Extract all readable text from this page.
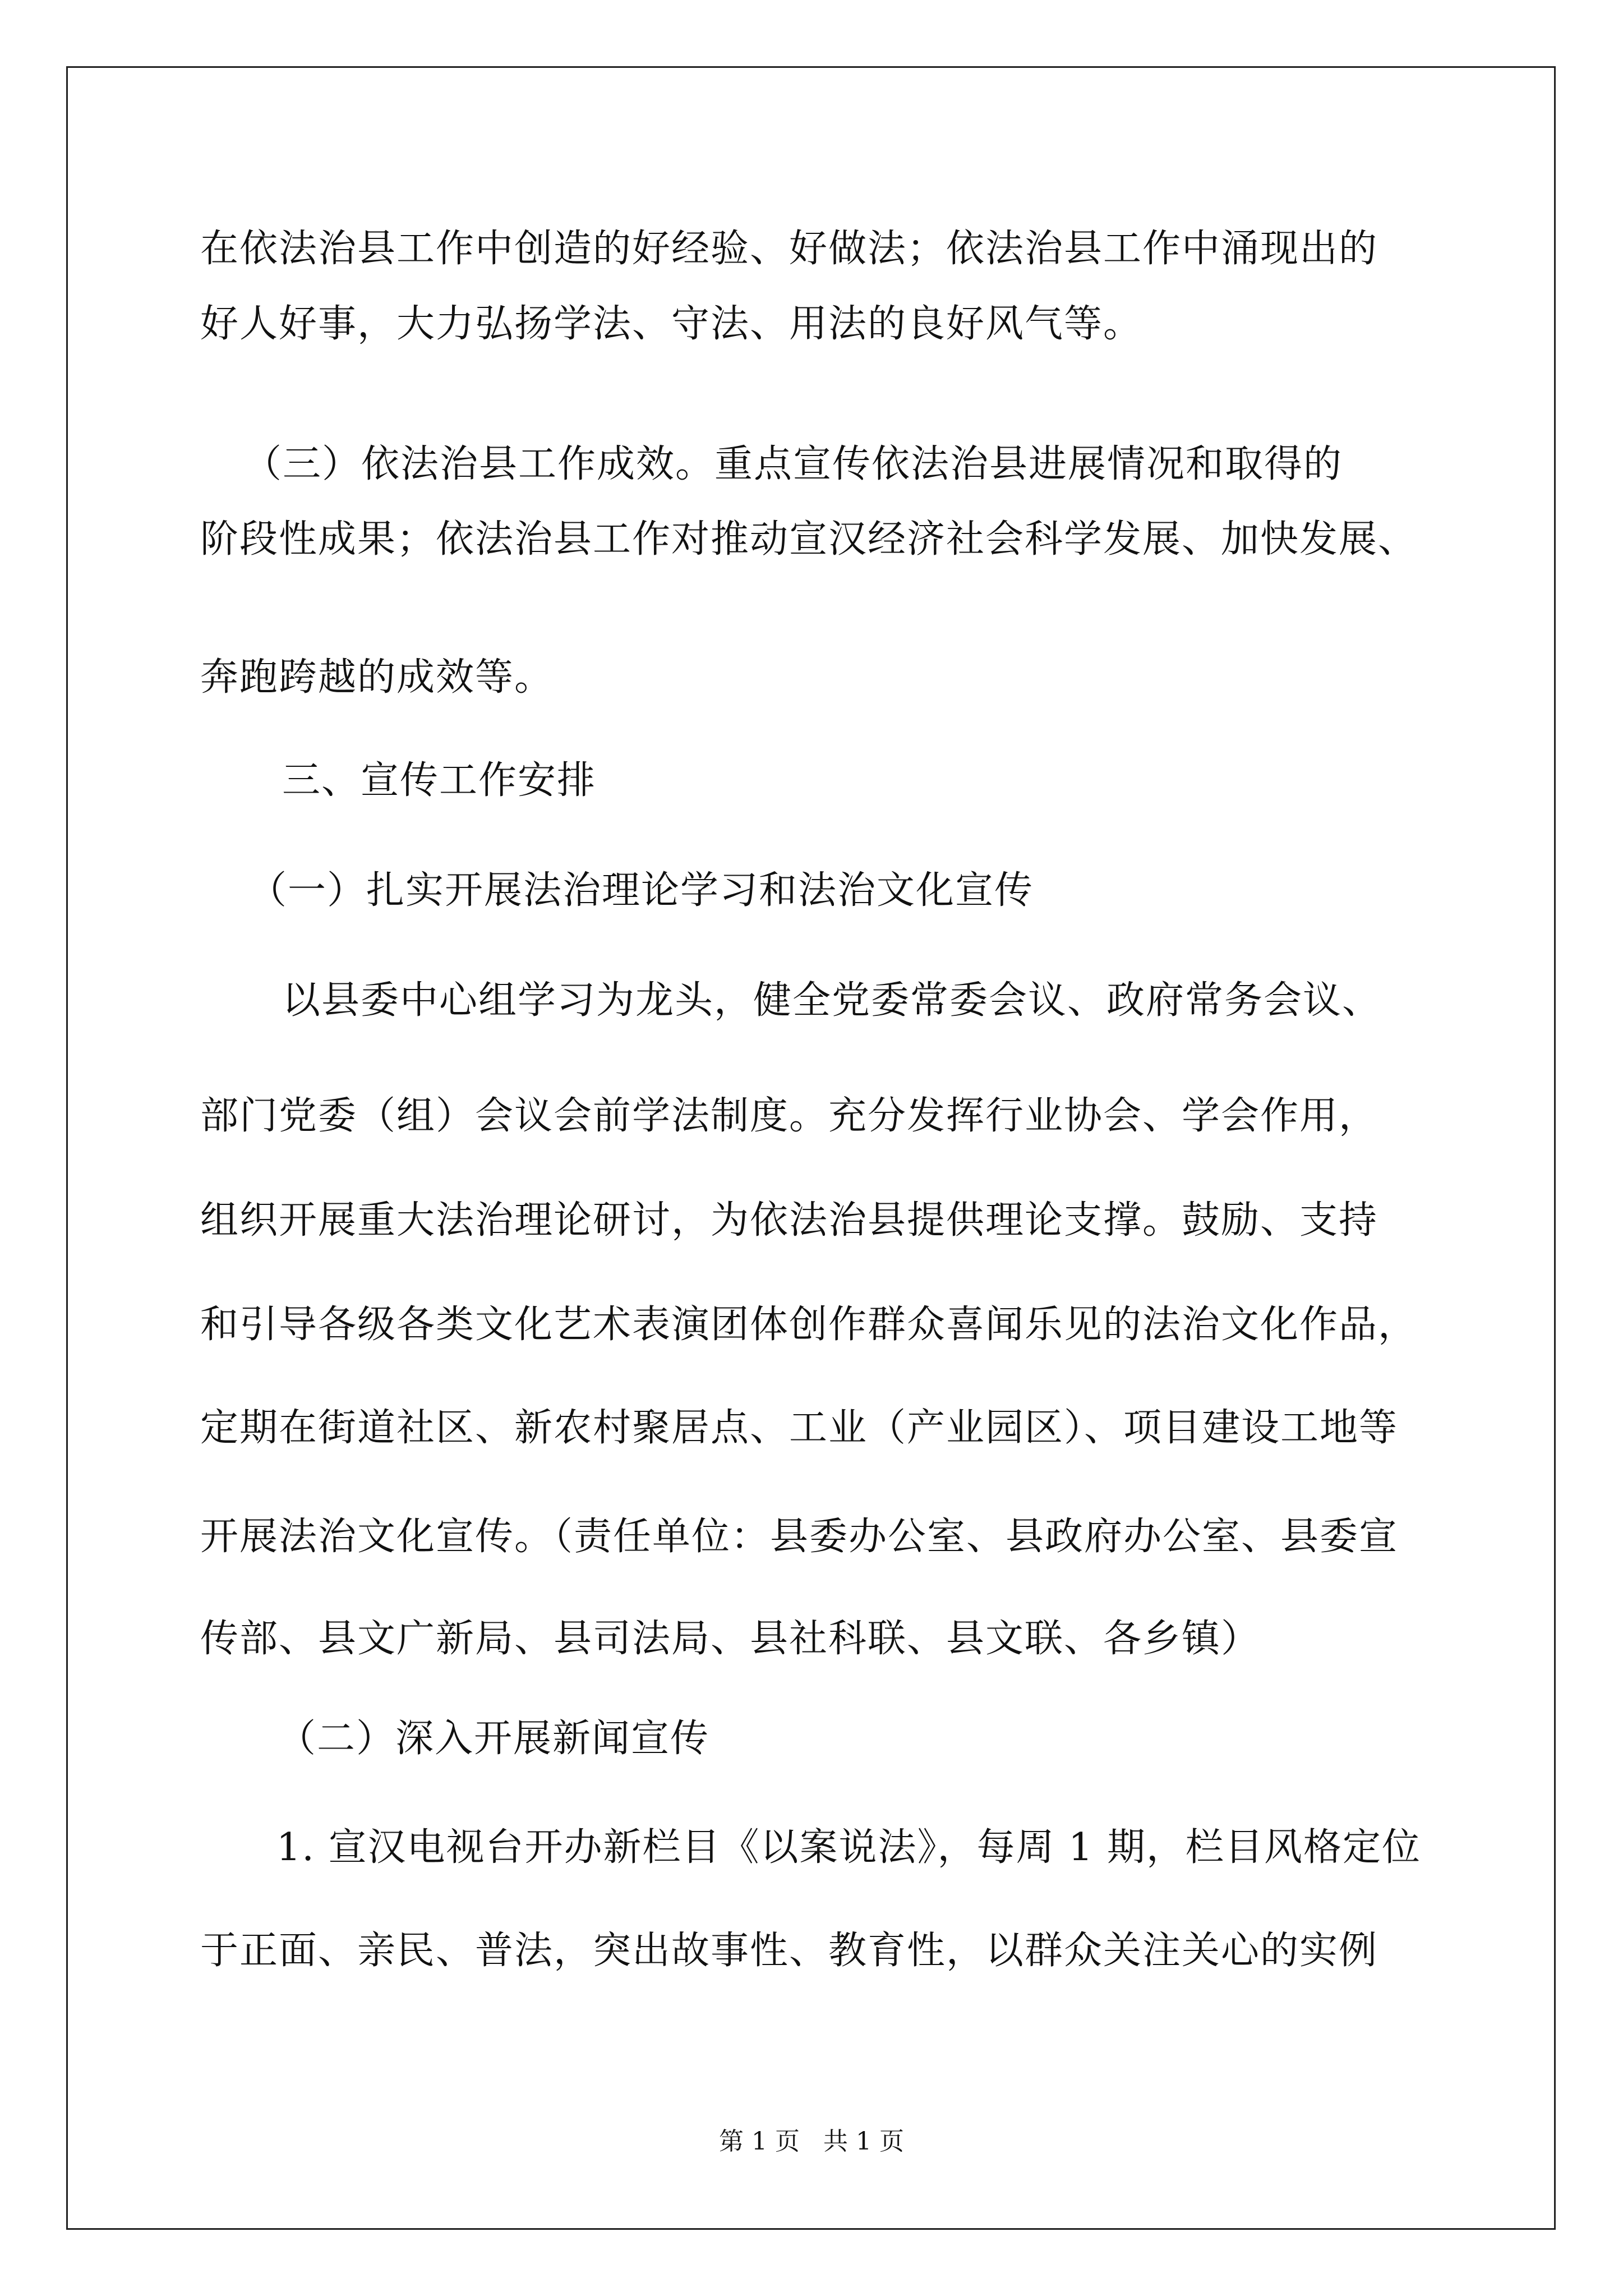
在依法治县工作中创造的好经验、好做法；依法治县工作中涌现出的
好人好事，大力弘扬学法、守法、用法的良好风气等。
（三）依法治县工作成效。重点宣传依法治县进展情况和取得的
阶段性成果；依法治县工作对推动宣汉经济社会科学发展、加快发展、
奔跑跨越的成效等。
三、宣传工作安排
（一）扎实开展法治理论学习和法治文化宣传
以县委中心组学习为龙头，健全党委常委会议、政府常务会议、
部门党委（组）会议会前学法制度。充分发挥行业协会、学会作用，
组织开展重大法治理论研讨，为依法治县提供理论支撑。鼓励、支持
和引导各级各类文化艺术表演团体创作群众喜闻乐见的法治文化作品，
定期在街道社区、新农村聚居点、工业（产业园区）、项目建设工地等
开展法治文化宣传。（责任单位：县委办公室、县政府办公室、县委宣
传部、县文广新局、县司法局、县社科联、县文联、各乡镇）
（二）深入开展新闻宣传
1. 宣汉电视台开办新栏目《以案说法》，每周 1 期，栏目风格定位
于正面、亲民、普法，突出故事性、教育性，以群众关注关心的实例
第 1 页   共 1 页
